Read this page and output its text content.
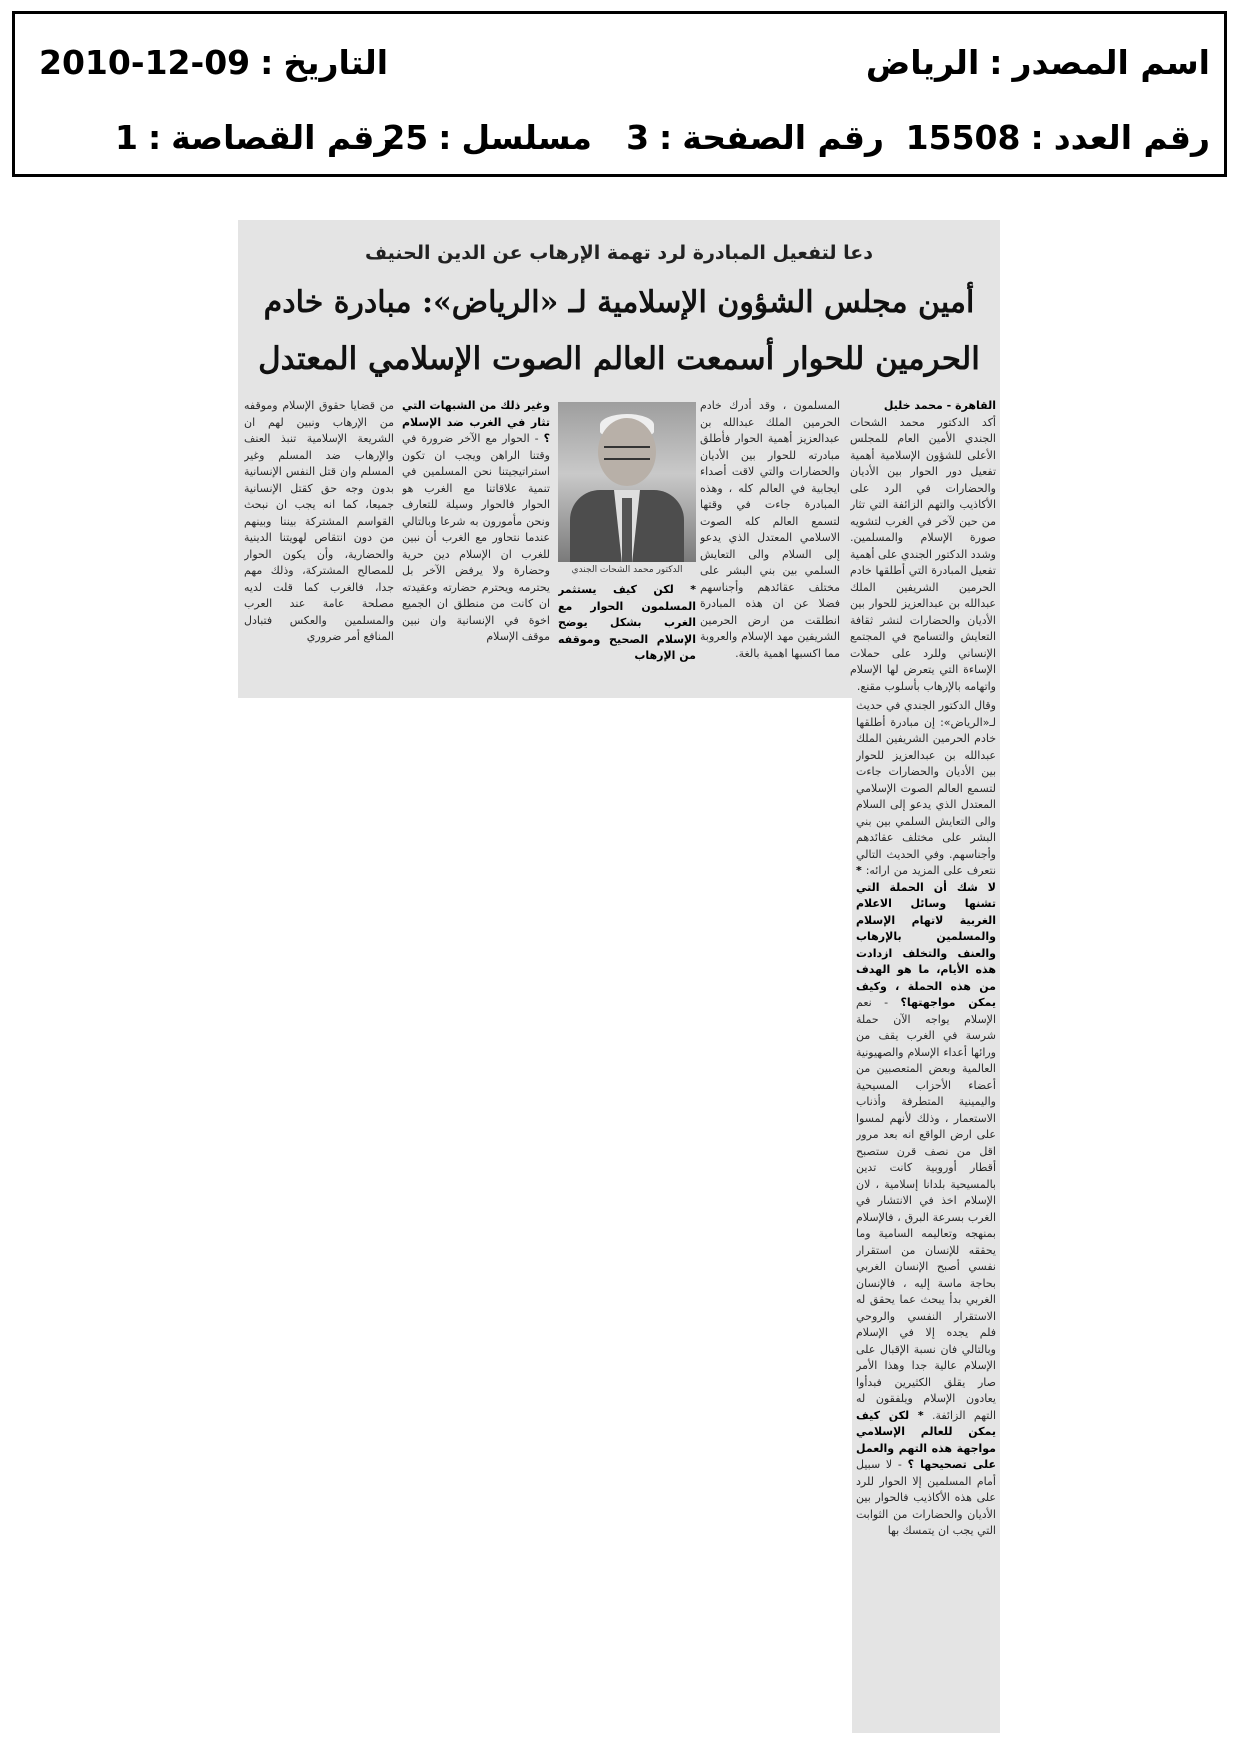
اسم المصدر:الرياض
التاريخ:09-12-2010
رقم العدد:15508
رقم الصفحة:3
مسلسل:25
رقم القصاصة:1
دعا لتفعيل المبادرة لرد تهمة الإرهاب عن الدين الحنيف
أمين مجلس الشؤون الإسلامية لـ «الرياض»: مبادرة خادم
الحرمين للحوار أسمعت العالم الصوت الإسلامي المعتدل
القاهرة - محمد خليل
أكد الدكتور محمد الشحات الجندي الأمين العام للمجلس الأعلى للشؤون الإسلامية أهمية تفعيل دور الحوار بين الأديان والحضارات في الرد على الأكاذيب والتهم الزائفة التي تثار من حين لآخر في الغرب لتشويه صورة الإسلام والمسلمين. وشدد الدكتور الجندي على أهمية تفعيل المبادرة التي أطلقها خادم الحرمين الشريفين الملك عبدالله بن عبدالعزيز للحوار بين الأديان والحضارات لنشر ثقافة التعايش والتسامح في المجتمع الإنساني وللرد على حملات الإساءة التي يتعرض لها الإسلام واتهامه بالإرهاب بأسلوب مقنع.
المسلمون ، وقد أدرك خادم الحرمين الملك عبدالله بن عبدالعزيز أهمية الحوار فأطلق مبادرته للحوار بين الأديان والحضارات والتي لاقت أصداء ايجابية في العالم كله ، وهذه المبادرة جاءت في وقتها لتسمع العالم كله الصوت الاسلامي المعتدل الذي يدعو إلى السلام والى التعايش السلمي بين بني البشر على مختلف عقائدهم وأجناسهم فضلا عن ان هذه المبادرة انطلقت من ارض الحرمين الشريفين مهد الإسلام والعروبة مما اكسبها اهمية بالغة.
الدكتور محمد الشحات الجندي
* لكن كيف يستثمر المسلمون الحوار مع الغرب بشكل يوضح الإسلام الصحيح وموقفه من الإرهاب
وغير ذلك من الشبهات التي تثار في الغرب ضد الإسلام ؟ - الحوار مع الآخر ضرورة في وقتنا الراهن ويجب ان تكون استراتيجيتنا نحن المسلمين في تنمية علاقاتنا مع الغرب هو الحوار فالحوار وسيلة للتعارف ونحن مأمورون به شرعا وبالتالي عندما نتحاور مع الغرب أن نبين للغرب ان الإسلام دين حرية وحضارة ولا يرفض الآخر بل يحترمه ويحترم حضارته وعقيدته ان كانت من منطلق ان الجميع اخوة في الإنسانية وان نبين موقف الإسلام
من قضايا حقوق الإسلام وموقفه من الإرهاب ونبين لهم ان الشريعة الإسلامية تنبذ العنف والإرهاب ضد المسلم وغير المسلم وان قتل النفس الإنسانية بدون وجه حق كقتل الإنسانية جميعا، كما انه يجب ان نبحث القواسم المشتركة بيننا وبينهم من دون انتقاص لهويتنا الدينية والحضارية، وأن يكون الحوار للمصالح المشتركة، وذلك مهم جدا، فالغرب كما قلت لديه مصلحة عامة عند العرب والمسلمين والعكس فتبادل المنافع أمر ضروري
وقال الدكتور الجندي في حديث لـ«الرياض»: إن مبادرة أطلقها خادم الحرمين الشريفين الملك عبدالله بن عبدالعزيز للحوار بين الأديان والحضارات جاءت لتسمع العالم الصوت الإسلامي المعتدل الذي يدعو إلى السلام والى التعايش السلمي بين بني البشر على مختلف عقائدهم وأجناسهم. وفي الحديث التالي نتعرف على المزيد من ارائه: * لا شك أن الحملة التي تشنها وسائل الاعلام الغربية لاتهام الإسلام والمسلمين بالإرهاب والعنف والتخلف ازدادت هذه الأيام، ما هو الهدف من هذه الحملة ، وكيف يمكن مواجهتها؟ - نعم الإسلام يواجه الآن حملة شرسة في الغرب يقف من ورائها أعداء الإسلام والصهيونية العالمية وبعض المتعصبين من أعضاء الأحزاب المسيحية واليمينية المتطرفة وأذناب الاستعمار ، وذلك لأنهم لمسوا على ارض الواقع انه بعد مرور اقل من نصف قرن ستصبح أقطار أوروبية كانت تدين بالمسيحية بلدانا إسلامية ، لان الإسلام اخذ في الانتشار في الغرب بسرعة البرق ، فالإسلام بمنهجه وتعاليمه السامية وما يحققه للإنسان من استقرار نفسي أصبح الإنسان الغربي بحاجة ماسة إليه ، فالإنسان الغربي بدأ يبحث عما يحقق له الاستقرار النفسي والروحي فلم يجده إلا في الإسلام وبالتالي فان نسبة الإقبال على الإسلام عالية جدا وهذا الأمر صار يقلق الكثيرين فبدأوا يعادون الإسلام ويلفقون له التهم الزائفة. * لكن كيف يمكن للعالم الإسلامي مواجهة هذه التهم والعمل على تصحيحها ؟ - لا سبيل أمام المسلمين إلا الحوار للرد على هذه الأكاذيب فالحوار بين الأديان والحضارات من الثوابت التي يجب ان يتمسك بها
